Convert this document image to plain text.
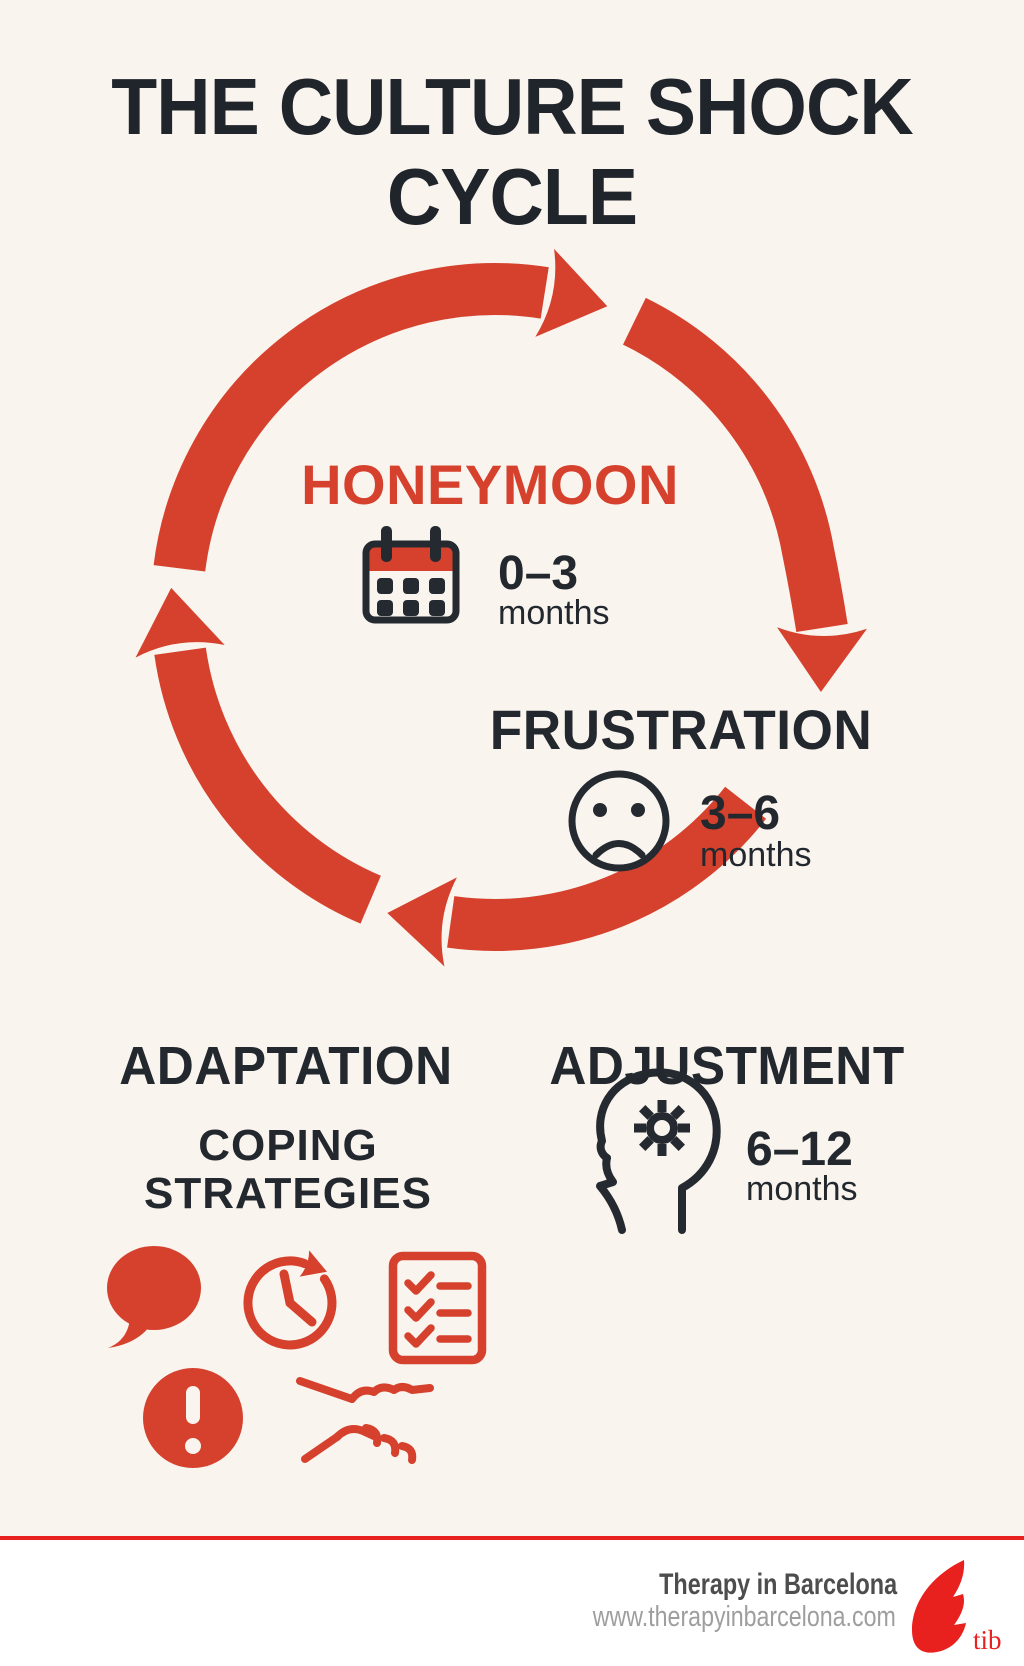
tib
THE CULTURE SHOCK
CYCLE
HONEYMOON
0–3
months
FRUSTRATION
3–6
months
ADAPTATION
COPING
STRATEGIES
ADJUSTMENT
6–12
months
Therapy in Barcelona
www.therapyinbarcelona.com
